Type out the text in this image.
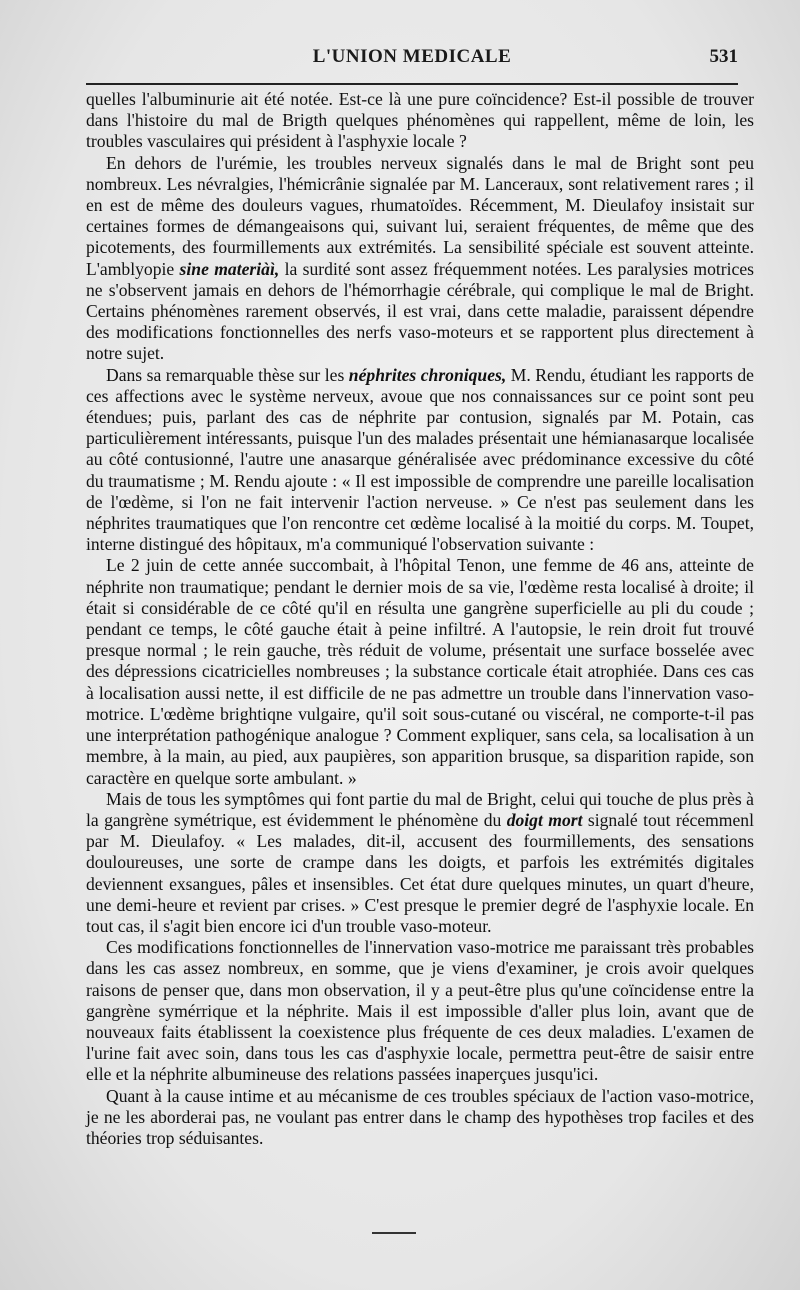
L'UNION MEDICALE	531

quelles l'albuminurie ait été notée. Est-ce là une pure coïncidence? Est-il possible de trouver dans l'histoire du mal de Brigth quelques phénomènes qui rappellent, même de loin, les troubles vasculaires qui président à l'asphyxie locale ?

En dehors de l'urémie, les troubles nerveux signalés dans le mal de Bright sont peu nombreux. Les névralgies, l'hémicrânie signalée par M. Lanceraux, sont relativement rares ; il en est de même des douleurs vagues, rhumatoïdes. Récemment, M. Dieulafoy insistait sur certaines formes de démangeaisons qui, suivant lui, seraient fréquentes, de même que des picotements, des fourmillements aux extrémités. La sensibilité spéciale est souvent atteinte. L'amblyopie sine materiàì, la surdité sont assez fréquemment notées. Les paralysies motrices ne s'observent jamais en dehors de l'hémorrhagie cérébrale, qui complique le mal de Bright. Certains phénomènes rarement observés, il est vrai, dans cette maladie, paraissent dépendre des modifications fonctionnelles des nerfs vaso-moteurs et se rapportent plus directement à notre sujet.

Dans sa remarquable thèse sur les néphrites chroniques, M. Rendu, étudiant les rapports de ces affections avec le système nerveux, avoue que nos connaissances sur ce point sont peu étendues; puis, parlant des cas de néphrite par contusion, signalés par M. Potain, cas particulièrement intéressants, puisque l'un des malades présentait une hémianasarque localisée au côté contusionné, l'autre une anasarque généralisée avec prédominance excessive du côté du traumatisme ; M. Rendu ajoute : « Il est impossible de comprendre une pareille localisation de l'œdème, si l'on ne fait intervenir l'action nerveuse. » Ce n'est pas seulement dans les néphrites traumatiques que l'on rencontre cet œdème localisé à la moitié du corps. M. Toupet, interne distingué des hôpitaux, m'a communiqué l'observation suivante :

Le 2 juin de cette année succombait, à l'hôpital Tenon, une femme de 46 ans, atteinte de néphrite non traumatique; pendant le dernier mois de sa vie, l'œdème resta localisé à droite; il était si considérable de ce côté qu'il en résulta une gangrène superficielle au pli du coude ; pendant ce temps, le côté gauche était à peine infiltré. A l'autopsie, le rein droit fut trouvé presque normal ; le rein gauche, très réduit de volume, présentait une surface bosselée avec des dépressions cicatricielles nombreuses ; la substance corticale était atrophiée. Dans ces cas à localisation aussi nette, il est difficile de ne pas admettre un trouble dans l'innervation vaso-motrice. L'œdème brightiqne vulgaire, qu'il soit sous-cutané ou viscéral, ne comporte-t-il pas une interprétation pathogénique analogue ? Comment expliquer, sans cela, sa localisation à un membre, à la main, au pied, aux paupières, son apparition brusque, sa disparition rapide, son caractère en quelque sorte ambulant. »

Mais de tous les symptômes qui font partie du mal de Bright, celui qui touche de plus près à la gangrène symétrique, est évidemment le phénomène du doigt mort signalé tout récemmenl par M. Dieulafoy. « Les malades, dit-il, accusent des fourmillements, des sensations douloureuses, une sorte de crampe dans les doigts, et parfois les extrémités digitales deviennent exsangues, pâles et insensibles. Cet état dure quelques minutes, un quart d'heure, une demi-heure et revient par crises. » C'est presque le premier degré de l'asphyxie locale. En tout cas, il s'agit bien encore ici d'un trouble vaso-moteur.

Ces modifications fonctionnelles de l'innervation vaso-motrice me paraissant très probables dans les cas assez nombreux, en somme, que je viens d'examiner, je crois avoir quelques raisons de penser que, dans mon observation, il y a peut-être plus qu'une coïncidense entre la gangrène symérrique et la néphrite. Mais il est impossible d'aller plus loin, avant que de nouveaux faits établissent la coexistence plus fréquente de ces deux maladies. L'examen de l'urine fait avec soin, dans tous les cas d'asphyxie locale, permettra peut-être de saisir entre elle et la néphrite albumineuse des relations passées inaperçues jusqu'ici.

Quant à la cause intime et au mécanisme de ces troubles spéciaux de l'action vaso-motrice, je ne les aborderai pas, ne voulant pas entrer dans le champ des hypothèses trop faciles et des théories trop séduisantes.
